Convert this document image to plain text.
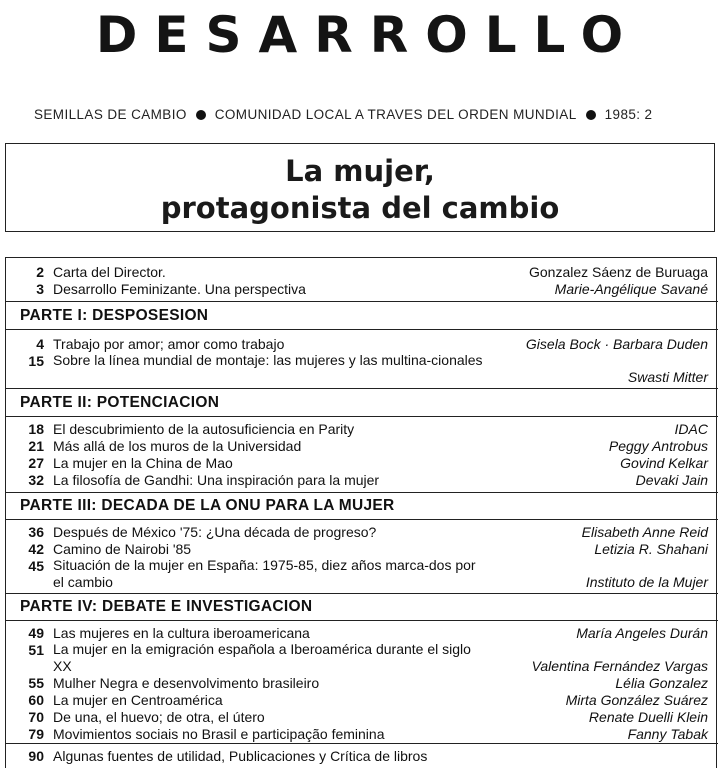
DESARROLLO
SEMILLAS DE CAMBIO COMUNIDAD LOCAL A TRAVES DEL ORDEN MUNDIAL 1985: 2
La mujer,
protagonista del cambio
2 Carta del Director.	Gonzalez Sáenz de Buruaga
3 Desarrollo Feminizante. Una perspectiva	Marie-Angélique Savané
PARTE I: DESPOSESION
4 Trabajo por amor; amor como trabajo	Gisela Bock · Barbara Duden
15 Sobre la línea mundial de montaje: las mujeres y las multina-cionales
Swasti Mitter
PARTE II: POTENCIACION
18 El descubrimiento de la autosuficiencia en Parity	IDAC
21 Más allá de los muros de la Universidad	Peggy Antrobus
27 La mujer en la China de Mao	Govind Kelkar
32 La filosofía de Gandhi: Una inspiración para la mujer	Devaki Jain
PARTE III: DECADA DE LA ONU PARA LA MUJER
36 Después de México '75: ¿Una década de progreso?	Elisabeth Anne Reid
42 Camino de Nairobi '85	Letizia R. Shahani
45 Situación de la mujer en España: 1975-85, diez años marca-dos por el cambio	Instituto de la Mujer
PARTE IV: DEBATE E INVESTIGACION
49 Las mujeres en la cultura iberoamericana	María Angeles Durán
51 La mujer en la emigración española a Iberoamérica durante el siglo XX	Valentina Fernández Vargas
55 Mulher Negra e desenvolvimento brasileiro	Lélia Gonzalez
60 La mujer en Centroamérica	Mirta González Suárez
70 De una, el huevo; de otra, el útero	Renate Duelli Klein
79 Movimientos sociais no Brasil e participação feminina	Fanny Tabak
90 Algunas fuentes de utilidad, Publicaciones y Crítica de libros
